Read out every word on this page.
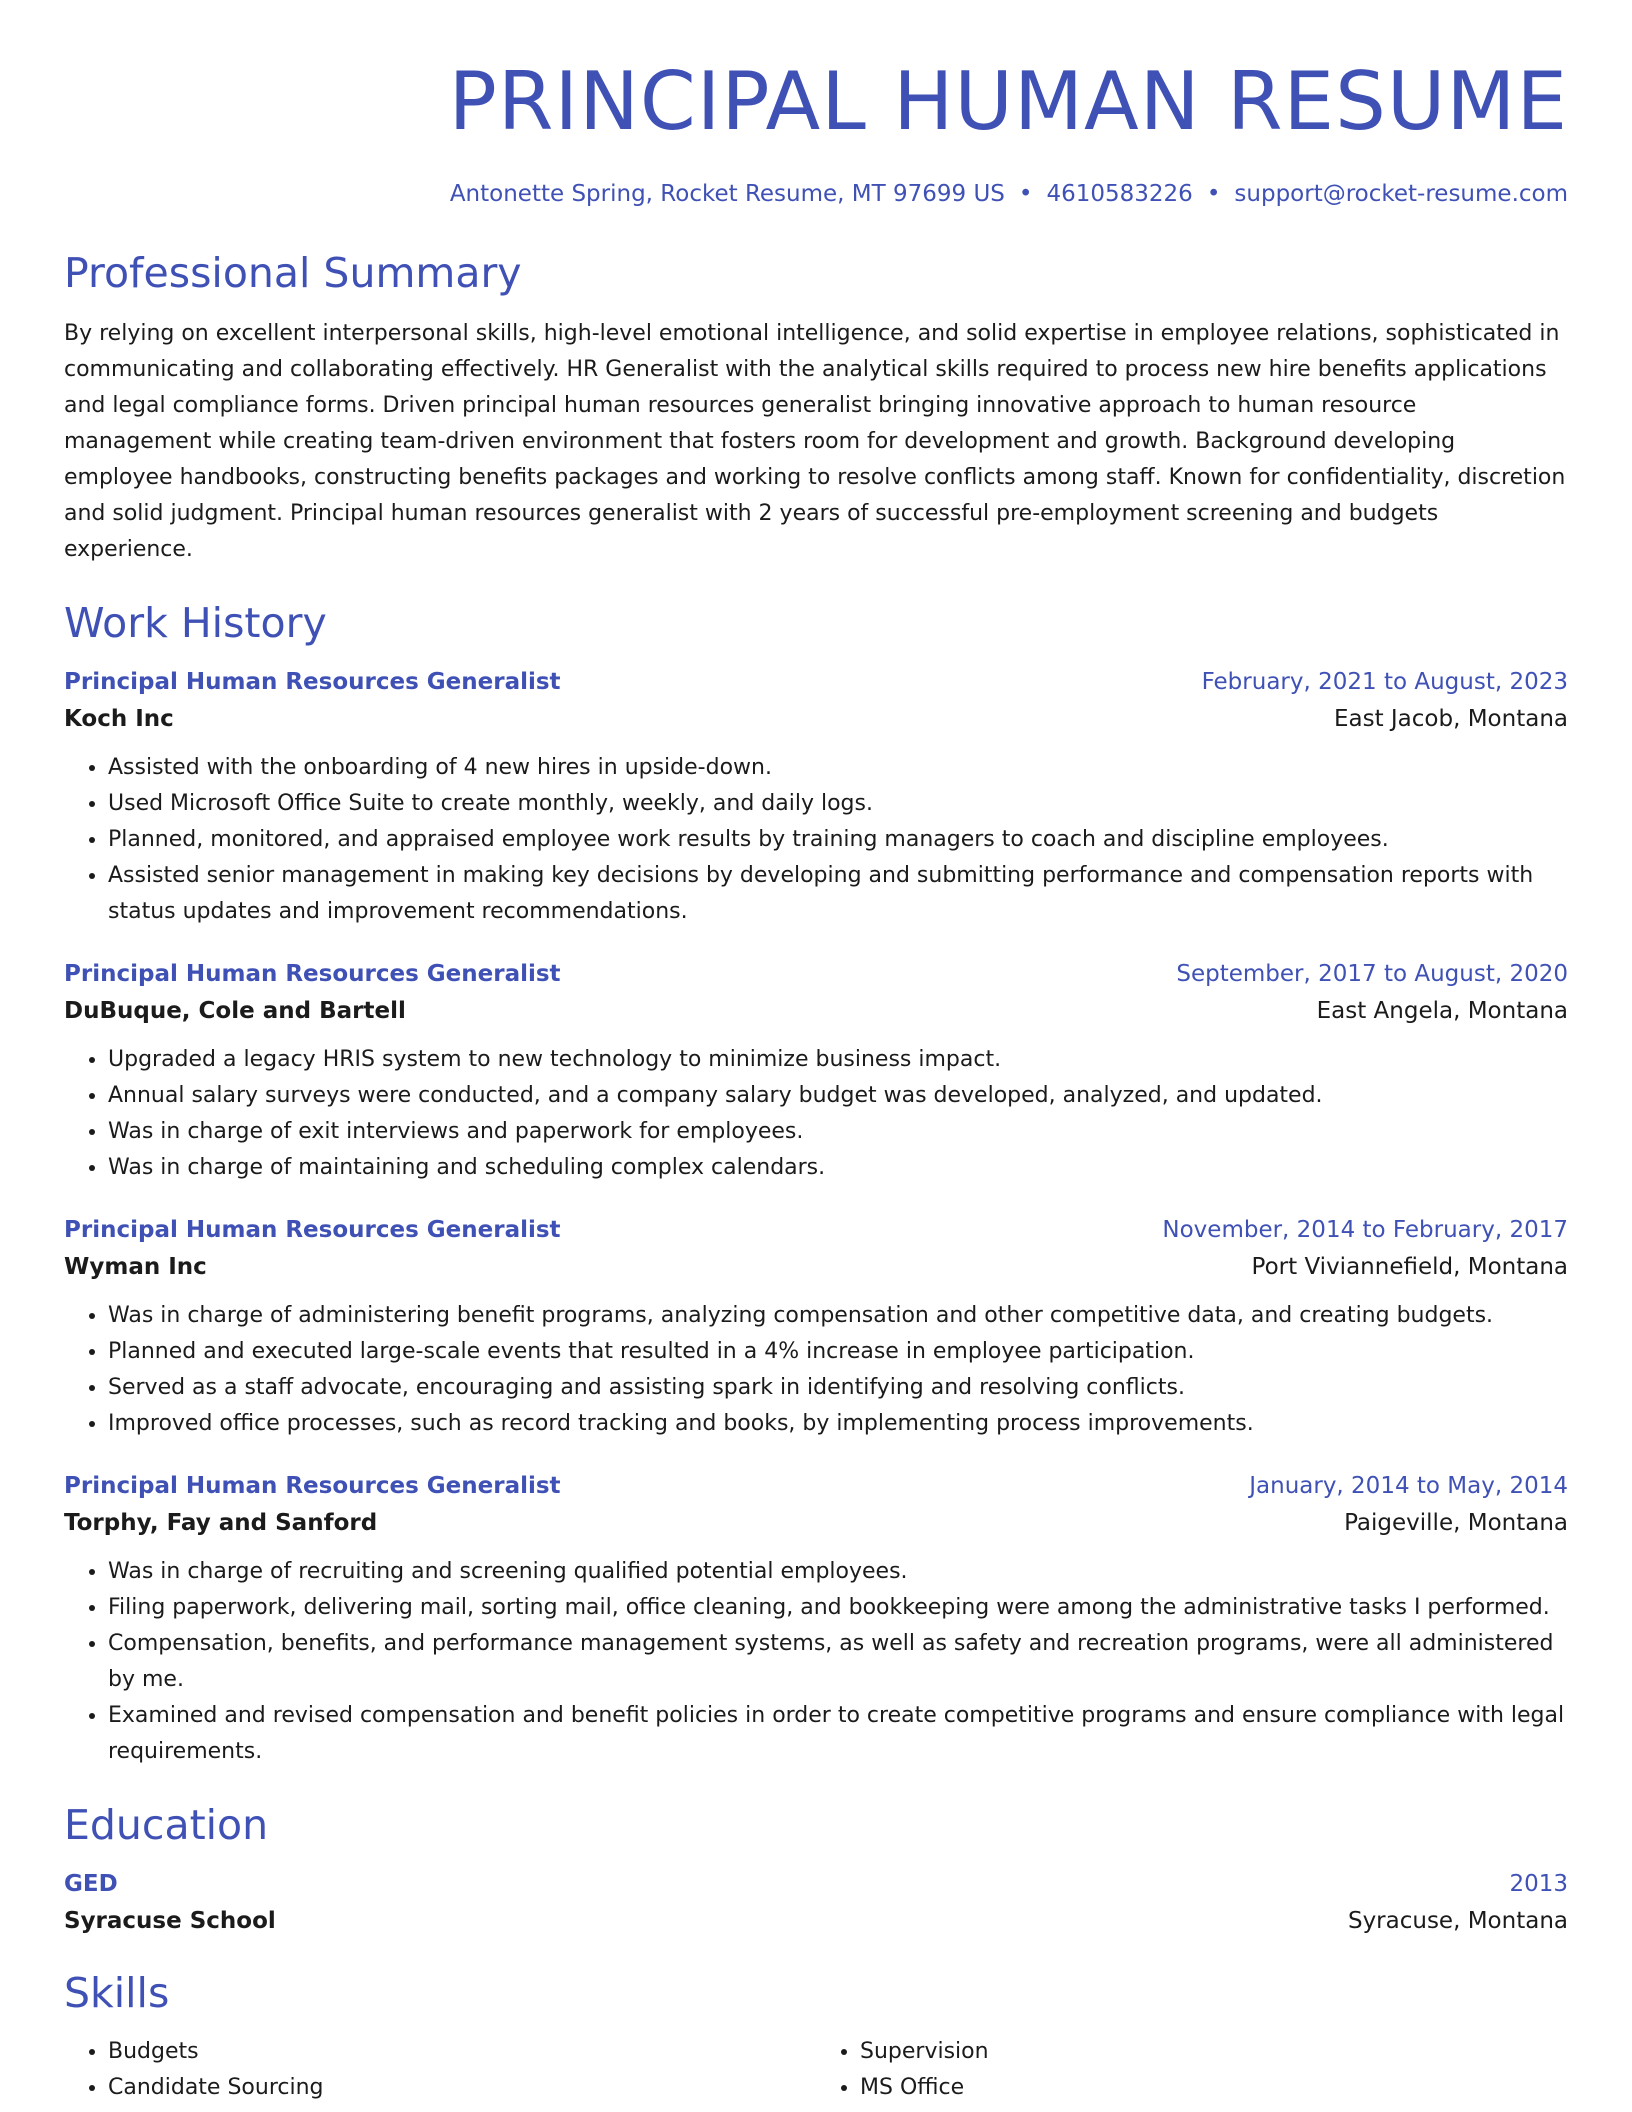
PRINCIPAL HUMAN RESUME
Antonette Spring, Rocket Resume, MT 97699 US • 4610583226 • support@rocket-resume.com
Professional Summary

By relying on excellent interpersonal skills, high-level emotional intelligence, and solid expertise in employee relations, sophisticated in communicating and collaborating effectively. HR Generalist with the analytical skills required to process new hire benefits applications and legal compliance forms. Driven principal human resources generalist bringing innovative approach to human resource management while creating team-driven environment that fosters room for development and growth. Background developing employee handbooks, constructing benefits packages and working to resolve conflicts among staff. Known for confidentiality, discretion and solid judgment. Principal human resources generalist with 2 years of successful pre-employment screening and budgets experience.

Work History
Principal Human Resources Generalist	February, 2021 to August, 2023
Koch Inc	East Jacob, Montana
• Assisted with the onboarding of 4 new hires in upside-down.
• Used Microsoft Office Suite to create monthly, weekly, and daily logs.
• Planned, monitored, and appraised employee work results by training managers to coach and discipline employees.
• Assisted senior management in making key decisions by developing and submitting performance and compensation reports with status updates and improvement recommendations.
Principal Human Resources Generalist	September, 2017 to August, 2020
DuBuque, Cole and Bartell	East Angela, Montana
• Upgraded a legacy HRIS system to new technology to minimize business impact.
• Annual salary surveys were conducted, and a company salary budget was developed, analyzed, and updated.
• Was in charge of exit interviews and paperwork for employees.
• Was in charge of maintaining and scheduling complex calendars.
Principal Human Resources Generalist	November, 2014 to February, 2017
Wyman Inc	Port Viviannefield, Montana
• Was in charge of administering benefit programs, analyzing compensation and other competitive data, and creating budgets.
• Planned and executed large-scale events that resulted in a 4% increase in employee participation.
• Served as a staff advocate, encouraging and assisting spark in identifying and resolving conflicts.
• Improved office processes, such as record tracking and books, by implementing process improvements.
Principal Human Resources Generalist	January, 2014 to May, 2014
Torphy, Fay and Sanford	Paigeville, Montana
• Was in charge of recruiting and screening qualified potential employees.
• Filing paperwork, delivering mail, sorting mail, office cleaning, and bookkeeping were among the administrative tasks I performed.
• Compensation, benefits, and performance management systems, as well as safety and recreation programs, were all administered by me.
• Examined and revised compensation and benefit policies in order to create competitive programs and ensure compliance with legal requirements.
Education
GED	2013
Syracuse School	Syracuse, Montana
Skills
• Budgets
• Candidate Sourcing
• Supervision
• MS Office
